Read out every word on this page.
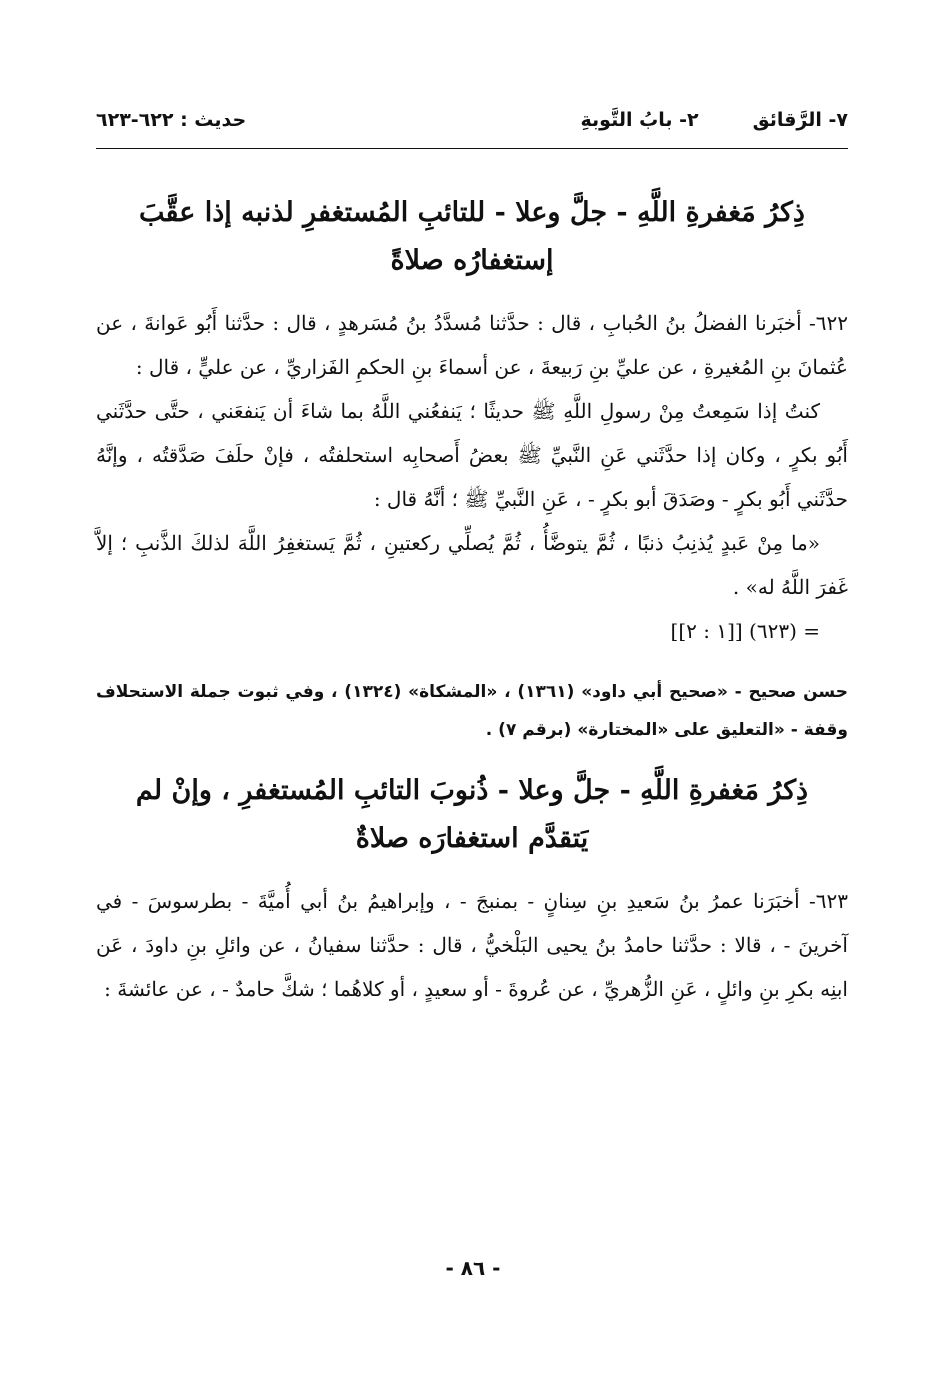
٧- الرَّقائق
٢- بابُ التَّوبةِ
حديث : ٦٢٢-٦٢٣

ذِكرُ مَغفرةِ اللَّهِ - جلَّ وعلا - للتائبِ المُستغفرِ لذنبه إذا عقَّبَ

إستغفارُه صلاةً

٦٢٢- أخبَرنا الفضلُ بنُ الحُبابِ ، قال : حدَّثنا مُسدَّدُ بنُ مُسَرهدٍ ، قال : حدَّثنا أَبُو عَوانةَ ، عن عُثمانَ بنِ المُغيرةِ ، عن عليِّ بنِ رَبيعةَ ، عن أسماءَ بنِ الحكمِ الفَزاريِّ ، عن عليٍّ ، قال :

كنتُ إذا سَمِعتُ مِنْ رسولِ اللَّهِ ﷺ حديثًا ؛ يَنفعُني اللَّهُ بما شاءَ أن يَنفعَني ، حتَّى حدَّثَني أَبُو بكرٍ ، وكان إذا حدَّثَني عَنِ النَّبيِّ ﷺ بعضُ أَصحابِه استحلفتُه ، فإنْ حلَفَ صَدَّقتُه ، وإنَّهُ حدَّثَني أَبُو بكرٍ - وصَدَقَ أبو بكرٍ - ، عَنِ النَّبيِّ ﷺ ؛ أنَّهُ قال :

«ما مِنْ عَبدٍ يُذنِبُ ذنبًا ، ثُمَّ يتوضَّأُ ، ثُمَّ يُصلِّي ركعتينِ ، ثُمَّ يَستغفِرُ اللَّهَ لذلكَ الذَّنبِ ؛ إلاَّ غَفرَ اللَّهُ له» .

= (٦٢٣) [[١ : ٢]]

حسن صحيح - «صحيح أبي داود» (١٣٦١) ، «المشكاة» (١٣٢٤) ، وفي ثبوت جملة الاستحلاف وقفة - «التعليق على «المختارة» (برقم ٧) .

ذِكرُ مَغفرةِ اللَّهِ - جلَّ وعلا - ذُنوبَ التائبِ المُستغفرِ ، وإنْ لم

يَتقدَّم استغفارَه صلاةٌ

٦٢٣- أخبَرَنا عمرُ بنُ سَعيدِ بنِ سِنانٍ - بمنبجَ - ، وإبراهيمُ بنُ أبي أُميَّةَ - بطرسوسَ - في آخرينَ - ، قالا : حدَّثنا حامدُ بنُ يحيى البَلْخيُّ ، قال : حدَّثنا سفيانُ ، عن وائلِ بنِ داودَ ، عَن ابنِه بكرِ بنِ وائلٍ ، عَنِ الزُّهريِّ ، عن عُروةَ - أو سعيدٍ ، أو كلاهُما ؛ شكَّ حامدٌ - ، عن عائشةَ :

- ٨٦ -
